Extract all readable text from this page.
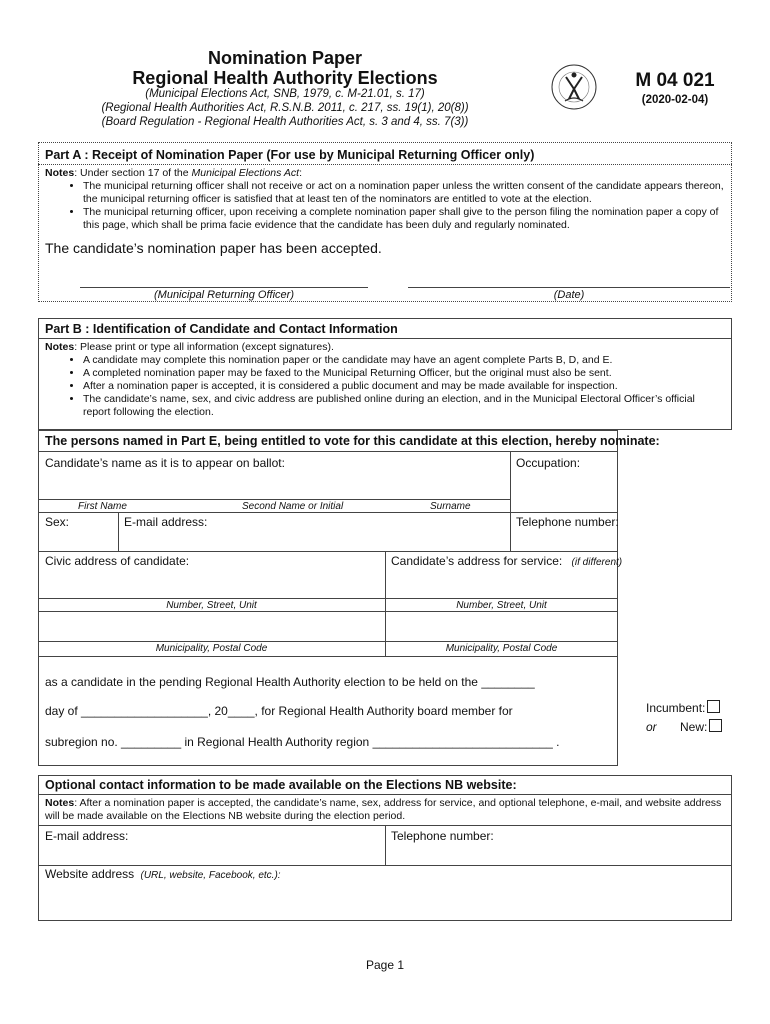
Nomination Paper
Regional Health Authority Elections
(Municipal Elections Act, SNB, 1979, c. M-21.01, s. 17)
(Regional Health Authorities Act, R.S.N.B. 2011, c. 217, ss. 19(1), 20(8))
(Board Regulation - Regional Health Authorities Act, s. 3 and 4, ss. 7(3))
M 04 021
(2020-02-04)
Part A : Receipt of Nomination Paper (For use by Municipal Returning Officer only)
Notes: Under section 17 of the Municipal Elections Act:
• The municipal returning officer shall not receive or act on a nomination paper unless the written consent of the candidate appears thereon, the municipal returning officer is satisfied that at least ten of the nominators are entitled to vote at the election.
• The municipal returning officer, upon receiving a complete nomination paper shall give to the person filing the nomination paper a copy of this page, which shall be prima facie evidence that the candidate has been duly and regularly nominated.
The candidate’s nomination paper has been accepted.
(Municipal Returning Officer)	(Date)
Part B : Identification of Candidate and Contact Information
Notes: Please print or type all information (except signatures).
• A candidate may complete this nomination paper or the candidate may have an agent complete Parts B, D, and E.
• A completed nomination paper may be faxed to the Municipal Returning Officer, but the original must also be sent.
• After a nomination paper is accepted, it is considered a public document and may be made available for inspection.
• The candidate’s name, sex, and civic address are published online during an election, and in the Municipal Electoral Officer’s official report following the election.
The persons named in Part E, being entitled to vote for this candidate at this election, hereby nominate:
Candidate’s name as it is to appear on ballot:
First Name	Second Name or Initial	Surname
Occupation:
Sex:	E-mail address:	Telephone number:
Civic address of candidate:	Candidate’s address for service: (if different)
Number, Street, Unit	Number, Street, Unit
Municipality, Postal Code	Municipality, Postal Code
as a candidate in the pending Regional Health Authority election to be held on the ________
day of ___________________, 20____, for Regional Health Authority board member for
subregion no. _________ in Regional Health Authority region ___________________________ .
Incumbent:
or New:
Optional contact information to be made available on the Elections NB website:
Notes: After a nomination paper is accepted, the candidate’s name, sex, address for service, and optional telephone, e-mail, and website address will be made available on the Elections NB website during the election period.
E-mail address:	Telephone number:
Website address (URL, website, Facebook, etc.):
Page 1
